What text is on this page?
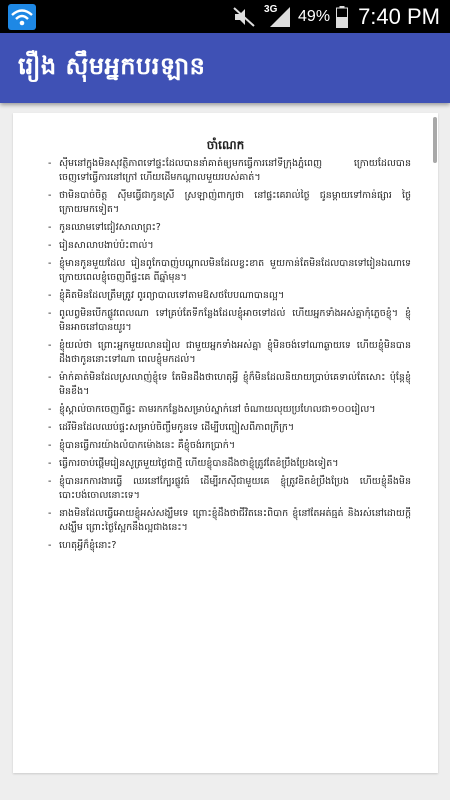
3G 49% 7:40 PM
រឿង ស៊ឹមអ្នកបរឡាន
ចាំណេក
- ស៊ីមនៅក្នុងមិនសុវត្ថិភាពទៅផ្ទះដែលបាននាំគាត់ឲ្យមកធ្វើការនៅទីក្រុងភ្នំពេញ ក្រោយដែលបានចេញទៅធ្វើការនៅក្រៅ ហើយដើមកណ្ដាលមួយរបស់គាត់។
- ថាមិនបាច់ចិត្ត ស៊ីមធ្វើជាកូនស្រី ស្រឡាញ់ពាក្យថា នៅផ្ទះគេរាល់ថ្ងៃ ជូនម្ដាយទៅកាន់ផ្សារ ថ្ងៃក្រោយមកទៀត។
- កូនឈាមទៅជៀវសាលាព្រះ?
- រៀនសាលាបងាប់ប៉ះពាល់។
- ខ្ញុំមានកូនមួយដែល រៀនពូកែបាញ់បណ្ដាលមិនដែលខ្វះខាត មួយកាន់តែមិនដែលបានទៅរៀនឯណាទេ ក្រោយពេលខ្ញុំចេញពីផ្ទះគេ ពីឆ្នាំមុន។
- ខ្ញុំគិតមិនដែលត្រឹមត្រូវ ពូរព្យាបាលទៅតាមឱសថបែបណាបានល្អ។
- ពូលព្វមិនបើកផ្លូវពេលណា ទៅគ្រប់តែទីកន្លែងដែលខ្ញុំអាចទៅដល់ ហើយអ្នកទាំងអស់គ្នាកុំភ្លេចខ្ញុំ។ ខ្ញុំមិនអាចនៅបានយូរ។
- ខ្ញុំយល់ថា ព្រោះអ្នកមួយលានរៀល ជាមួយអ្នកទាំងអស់គ្នា ខ្ញុំមិនចង់ទៅណាឆ្ងាយទេ ហើយខ្ញុំមិនបានដឹងថាកូននោះទៅណា ពេលខ្ញុំមកដល់។
- ម៉ាក់គាត់មិនដែលស្រលាញ់ខ្ញុំទេ តែមិនដឹងថាហេតុអ្វី ខ្ញុំក៏មិនដែលនិយាយប្រាប់គេទាល់តែសោះ ប៉ុន្តែខ្ញុំមិនខឹង។
- ខ្ញុំស្គាល់ចាកចេញពីផ្ទះ តាមរកកន្លែងសម្រាប់ស្នាក់នៅ ចំណាយលុយប្រហែលជា១០០រៀល។
- ដេរីមិនដែលឈប់ផ្ទះសម្រាប់ចិញ្ចឹមកូនទេ ដើម្បីបញ្ចៀសពីភាពក្រីក្រ។
- ខ្ញុំបានធ្វើការយ៉ាងលំបាកម៉ោងនេះ គឺខ្ញុំចង់រកប្រាក់។
- ធ្វើការចាប់ផ្ដើមរៀនសូត្រមួយថ្ងៃជាថ្មី ហើយខ្ញុំបានដឹងថាខ្ញុំត្រូវតែខំប្រឹងប្រែងទៀត។
- ខ្ញុំបានរកការងារធ្វើ ឈរនៅក្បែរផ្លូវធំ ដើម្បីរកស៊ីជាមួយគេ ខ្ញុំត្រូវខិតខំប្រឹងប្រែង ហើយខ្ញុំនឹងមិនបោះបង់ចោលនោះទេ។
- នាងមិនដែលធ្វើអោយខ្ញុំអស់សង្ឃឹមទេ ព្រោះខ្ញុំដឹងថាជីវិតនេះពិបាក ខ្ញុំនៅតែអត់ធ្មត់ និងរស់នៅដោយក្តីសង្ឃឹម ព្រោះថ្ងៃស្អែកនឹងល្អជាងនេះ។
- ហេតុអ្វីក៏ខ្ញុំនោះ?
